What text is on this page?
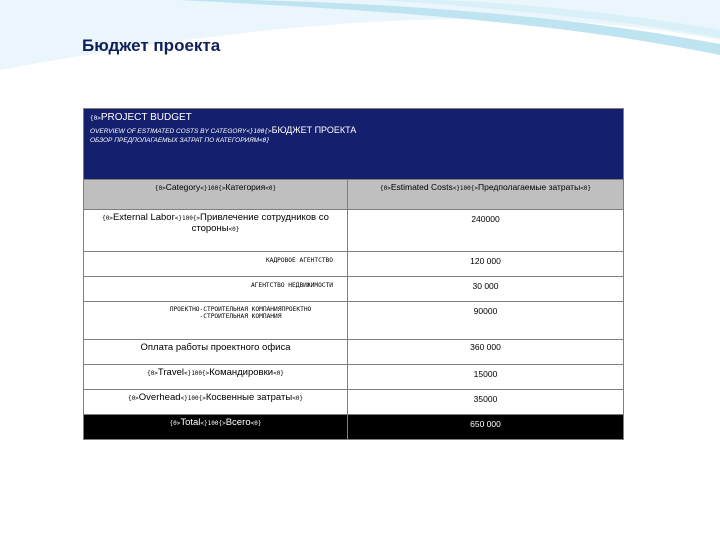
Бюджет проекта
{0>PROJECT BUDGET
OVERVIEW OF ESTIMATED COSTS BY CATEGORY<}100{>БЮДЖЕТ ПРОЕКТА
ОБЗОР ПРЕДПОЛАГАЕМЫХ ЗАТРАТ ПО КАТЕГОРИЯМ<0}	

{0>Category<}100{>Категория<0}	{0>Estimated Costs<}100{>Предполагаемые затраты<0}

{0>External Labor<}100{>Привлечение сотрудников со стороны<0}	240000

КАДРОВОЕ АГЕНТСТВО	120 000

АГЕНТСТВО НЕДВИЖИМОСТИ	30 000

ПРОЕКТНО-СТРОИТЕЛЬНАЯ КОМПАНИЯПРОЕКТНО -СТРОИТЕЛЬНАЯ КОМПАНИЯ	90000

Оплата работы проектного офиса	360 000

{0>Travel<}100{>Командировки<0}	15000

{0>Overhead<}100{>Косвенные затраты<0}	35000

{0>Total<}100{>Всего<0}	650 000
